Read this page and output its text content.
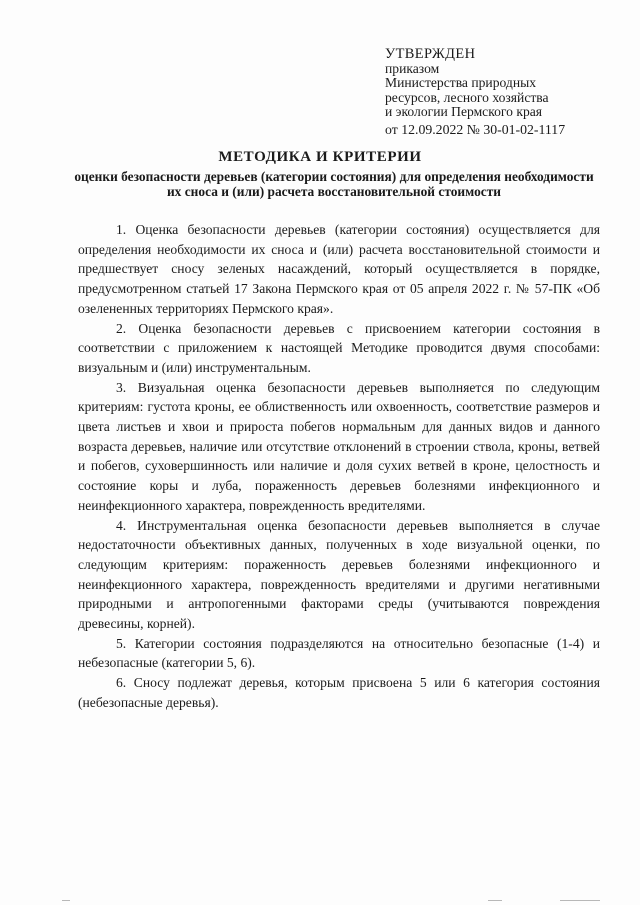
УТВЕРЖДЕН
приказом
Министерства природных
ресурсов, лесного хозяйства
и экологии Пермского края
от 12.09.2022 № 30-01-02-1117
МЕТОДИКА И КРИТЕРИИ
оценки безопасности деревьев (категории состояния) для определения необходимости их сноса и (или) расчета восстановительной стоимости

1. Оценка безопасности деревьев (категории состояния) осуществляется для определения необходимости их сноса и (или) расчета восстановительной стоимости и предшествует сносу зеленых насаждений, который осуществляется в порядке, предусмотренном статьей 17 Закона Пермского края от 05 апреля 2022 г. № 57-ПК «Об озелененных территориях Пермского края».

2. Оценка безопасности деревьев с присвоением категории состояния в соответствии с приложением к настоящей Методике проводится двумя способами: визуальным и (или) инструментальным.

3. Визуальная оценка безопасности деревьев выполняется по следующим критериям: густота кроны, ее облиственность или охвоенность, соответствие размеров и цвета листьев и хвои и прироста побегов нормальным для данных видов и данного возраста деревьев, наличие или отсутствие отклонений в строении ствола, кроны, ветвей и побегов, суховершинность или наличие и доля сухих ветвей в кроне, целостность и состояние коры и луба, пораженность деревьев болезнями инфекционного и неинфекционного характера, поврежденность вредителями.

4. Инструментальная оценка безопасности деревьев выполняется в случае недостаточности объективных данных, полученных в ходе визуальной оценки, по следующим критериям: пораженность деревьев болезнями инфекционного и неинфекционного характера, поврежденность вредителями и другими негативными природными и антропогенными факторами среды (учитываются повреждения древесины, корней).

5. Категории состояния подразделяются на относительно безопасные (1-4) и небезопасные (категории 5, 6).

6. Сносу подлежат деревья, которым присвоена 5 или 6 категория состояния (небезопасные деревья).
